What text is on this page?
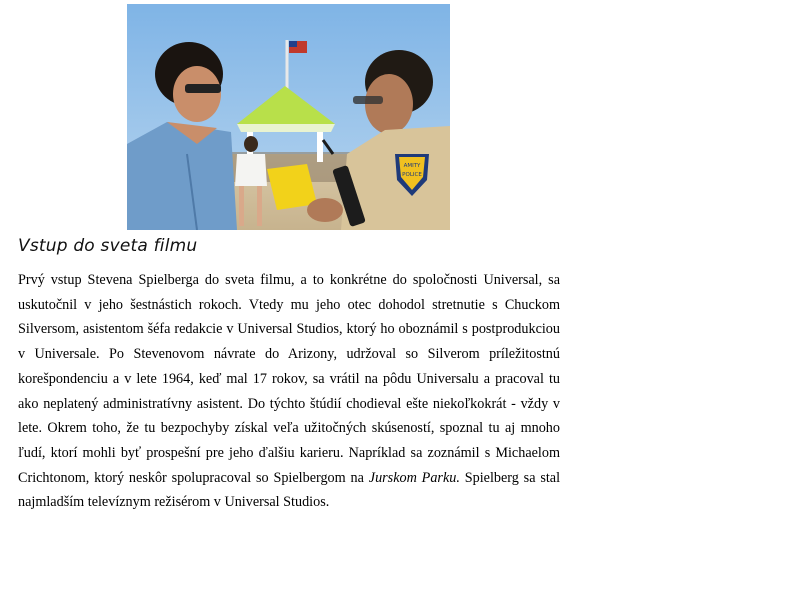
AMITY
POLICE
Vstup do sveta filmu
Prvý vstup Stevena Spielberga do sveta filmu, a to konkrétne do spoločnosti Universal, sa uskutočnil v jeho šestnástich rokoch. Vtedy mu jeho otec dohodol stretnutie s Chuckom Silversom, asistentom šéfa redakcie v Universal Studios, ktorý ho oboznámil s postprodukciou v Universale. Po Stevenovom návrate do Arizony, udržoval so Silverom príležitostnú korešpondenciu a v lete 1964, keď mal 17 rokov, sa vrátil na pôdu Universalu a pracoval tu ako neplatený administratívny asistent. Do týchto štúdií chodieval ešte niekoľkokrát - vždy v lete. Okrem toho, že tu bezpochyby získal veľa užitočných skúseností, spoznal tu aj mnoho ľudí, ktorí mohli byť prospešní pre jeho ďalšiu karieru. Napríklad sa zoznámil s Michaelom Crichtonom, ktorý neskôr spolupracoval so Spielbergom na Jurskom Parku. Spielberg sa stal najmladším televíznym režisérom v Universal Studios.
